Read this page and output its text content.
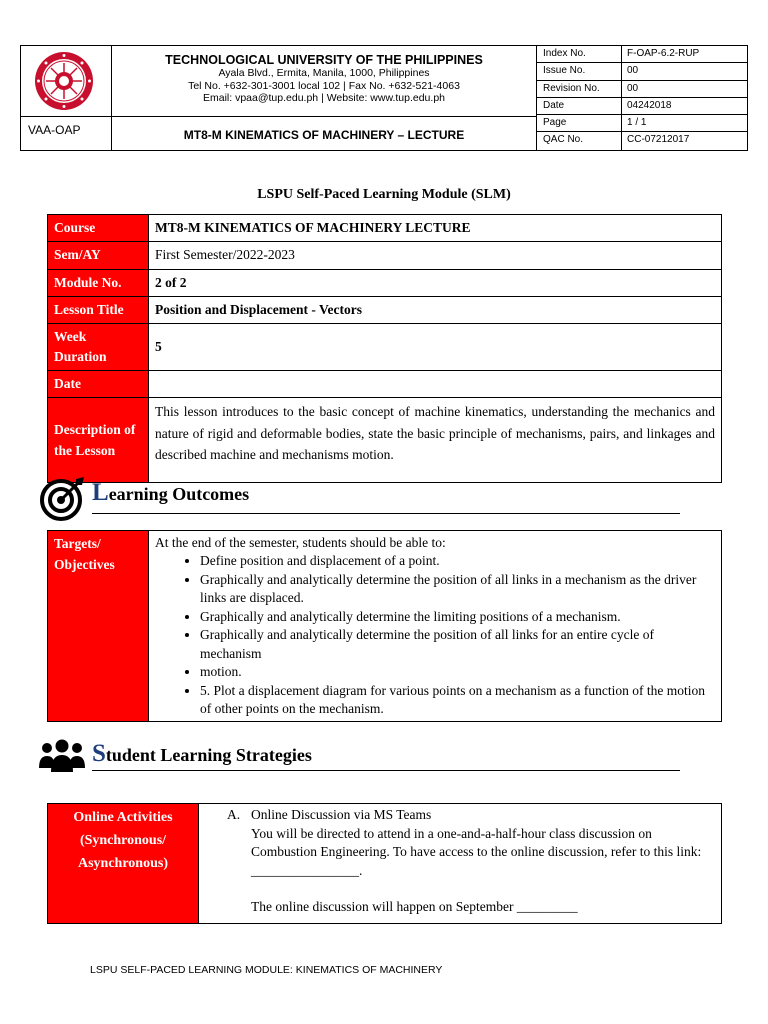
VAA-OAP
TECHNOLOGICAL UNIVERSITY OF THE PHILIPPINES
Ayala Blvd., Ermita, Manila, 1000, Philippines
Tel No. +632-301-3001 local 102 | Fax No. +632-521-4063
Email: vpaa@tup.edu.ph | Website: www.tup.edu.ph
MT8-M KINEMATICS OF MACHINERY – LECTURE
Index No.	F-OAP-6.2-RUP
Issue No.	00
Revision No.	00
Date	04242018
Page	1 / 1
QAC No.	CC-07212017
LSPU Self-Paced Learning Module (SLM)
Course	MT8-M KINEMATICS OF MACHINERY LECTURE
Sem/AY	First Semester/2022-2023
Module No.	2 of 2
Lesson Title	Position and Displacement - Vectors
Week Duration	5
Date	
Description of the Lesson	This lesson introduces to the basic concept of machine kinematics, understanding the mechanics and nature of rigid and deformable bodies, state the basic principle of mechanisms, pairs, and linkages and described machine and mechanisms motion.
Learning Outcomes
Targets/ Objectives	
At the end of the semester, students should be able to:
• Define position and displacement of a point.
• Graphically and analytically determine the position of all links in a mechanism as the driver links are displaced.
• Graphically and analytically determine the limiting positions of a mechanism.
• Graphically and analytically determine the position of all links for an entire cycle of mechanism
• motion.
• 5. Plot a displacement diagram for various points on a mechanism as a function of the motion of other points on the mechanism.
Student Learning Strategies
Online Activities (Synchronous/ Asynchronous)	
A. Online Discussion via MS Teams
You will be directed to attend in a one-and-a-half-hour class discussion on Combustion Engineering. To have access to the online discussion, refer to this link: ________________.
The online discussion will happen on September _________
LSPU SELF-PACED LEARNING MODULE: KINEMATICS OF MACHINERY
